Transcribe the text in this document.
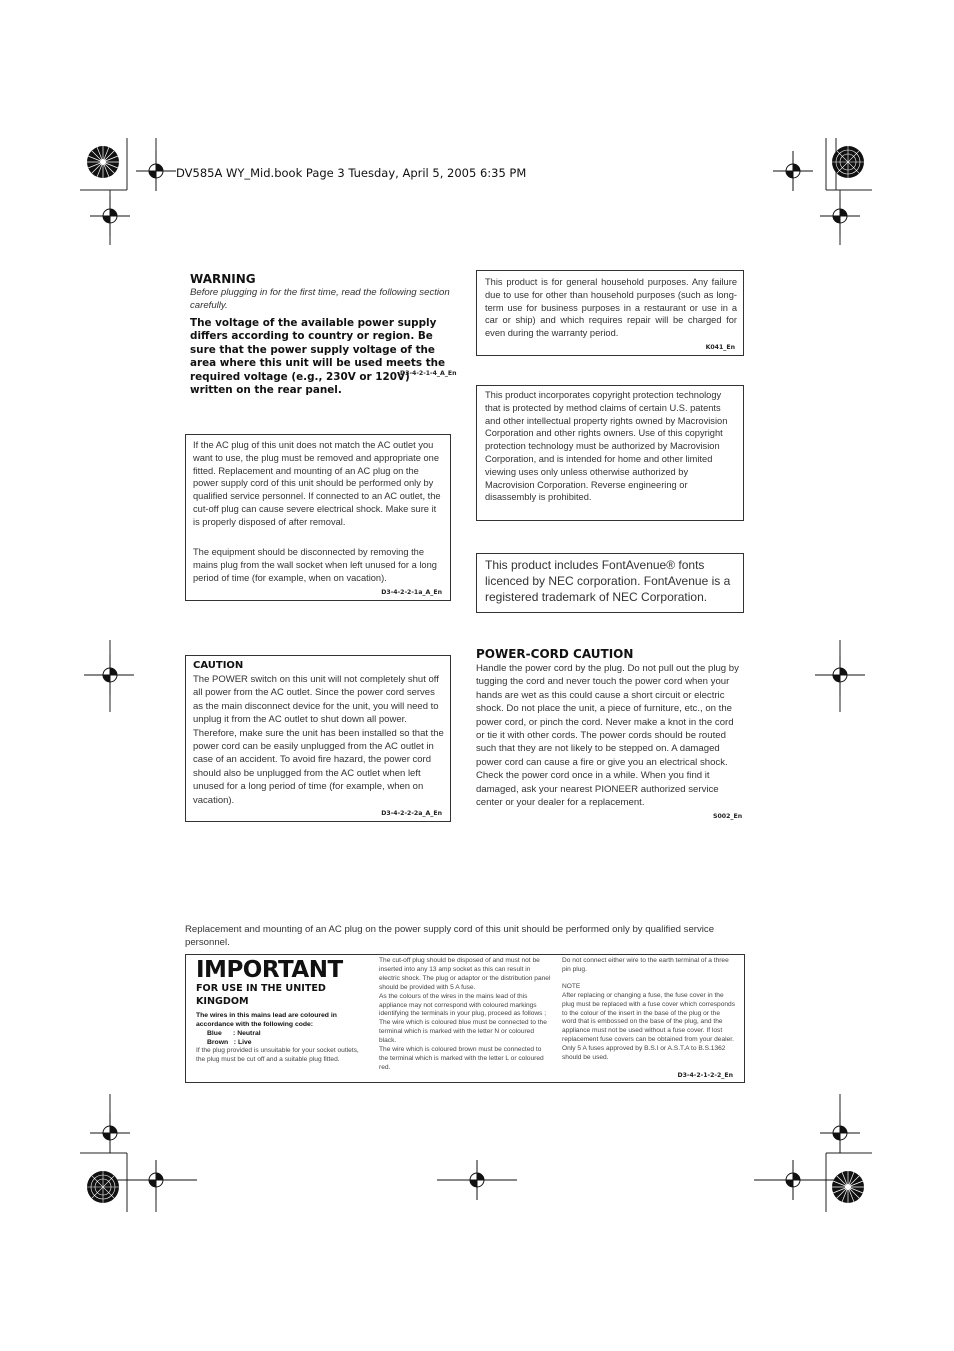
DV585A WY_Mid.book Page 3 Tuesday, April 5, 2005 6:35 PM
WARNING

Before plugging in for the first time, read the following section carefully.

The voltage of the available power supply differs according to country or region. Be sure that the power supply voltage of the area where this unit will be used meets the required voltage (e.g., 230V or 120V) written on the rear panel.

D3-4-2-1-4_A_En

This product is for general household purposes. Any failure due to use for other than household purposes (such as long-term use for business purposes in a restaurant or use in a car or ship) and which requires repair will be charged for even during the warranty period.

K041_En

This product incorporates copyright protection technology that is protected by method claims of certain U.S. patents and other intellectual property rights owned by Macrovision Corporation and other rights owners. Use of this copyright protection technology must be authorized by Macrovision Corporation, and is intended for home and other limited viewing uses only unless otherwise authorized by Macrovision Corporation. Reverse engineering or disassembly is prohibited.

If the AC plug of this unit does not match the AC outlet you want to use, the plug must be removed and appropriate one fitted. Replacement and mounting of an AC plug on the power supply cord of this unit should be performed only by qualified service personnel. If connected to an AC outlet, the cut-off plug can cause severe electrical shock. Make sure it is properly disposed of after removal.

The equipment should be disconnected by removing the mains plug from the wall socket when left unused for a long period of time (for example, when on vacation).

D3-4-2-2-1a_A_En

This product includes FontAvenue® fonts licenced by NEC corporation. FontAvenue is a registered trademark of NEC Corporation.

CAUTION

The POWER switch on this unit will not completely shut off all power from the AC outlet. Since the power cord serves as the main disconnect device for the unit, you will need to unplug it from the AC outlet to shut down all power. Therefore, make sure the unit has been installed so that the power cord can be easily unplugged from the AC outlet in case of an accident. To avoid fire hazard, the power cord should also be unplugged from the AC outlet when left unused for a long period of time (for example, when on vacation).

D3-4-2-2-2a_A_En
POWER-CORD CAUTION

Handle the power cord by the plug. Do not pull out the plug by tugging the cord and never touch the power cord when your hands are wet as this could cause a short circuit or electric shock. Do not place the unit, a piece of furniture, etc., on the power cord, or pinch the cord. Never make a knot in the cord or tie it with other cords. The power cords should be routed such that they are not likely to be stepped on. A damaged power cord can cause a fire or give you an electrical shock. Check the power cord once in a while. When you find it damaged, ask your nearest PIONEER authorized service center or your dealer for a replacement.

S002_En

Replacement and mounting of an AC plug on the power supply cord of this unit should be performed only by qualified service personnel.

IMPORTANT
FOR USE IN THE UNITED KINGDOM
The wires in this mains lead are coloured in accordance with the following code:
Blue      : Neutral
Brown   : Live
If the plug provided is unsuitable for your socket outlets, the plug must be cut off and a suitable plug fitted.
The cut-off plug should be disposed of and must not be inserted into any 13 amp socket as this can result in electric shock. The plug or adaptor or the distribution panel should be provided with 5 A fuse.
As the colours of the wires in the mains lead of this appliance may not correspond with coloured markings identifying the terminals in your plug, proceed as follows ;
The wire which is coloured blue must be connected to the terminal which is marked with the letter N or coloured black.
The wire which is coloured brown must be connected to the terminal which is marked with the letter L or coloured red.
Do not connect either wire to the earth terminal of a three pin plug.
NOTE
After replacing or changing a fuse, the fuse cover in the plug must be replaced with a fuse cover which corresponds to the colour of the insert in the base of the plug or the word that is embossed on the base of the plug, and the appliance must not be used without a fuse cover. If lost replacement fuse covers can be obtained from your dealer.
Only 5 A fuses approved by B.S.I or A.S.T.A to B.S.1362 should be used.
D3-4-2-1-2-2_En
